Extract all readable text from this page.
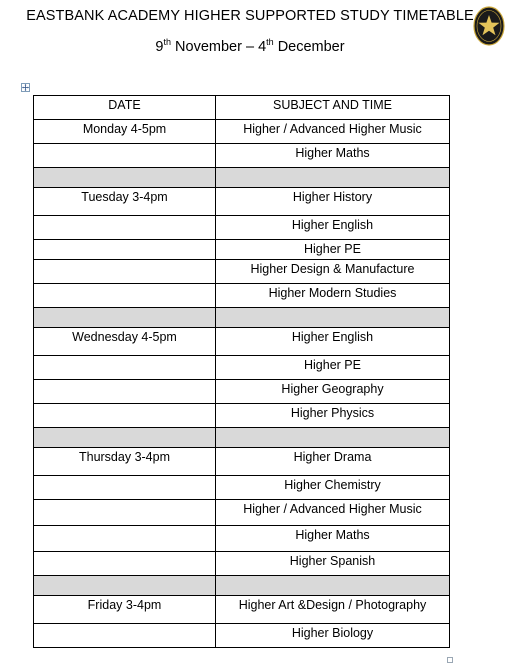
EASTBANK ACADEMY HIGHER SUPPORTED STUDY TIMETABLE
9th November – 4th December
DATE	SUBJECT AND TIME
Monday 4-5pm	Higher / Advanced Higher Music
	Higher Maths

Tuesday 3-4pm	Higher History
	Higher English
	Higher PE
	Higher Design & Manufacture
	Higher Modern Studies

Wednesday 4-5pm	Higher English
	Higher PE
	Higher Geography
	Higher Physics

Thursday 3-4pm	Higher Drama
	Higher Chemistry
	Higher / Advanced Higher Music
	Higher Maths
	Higher Spanish

Friday 3-4pm	Higher Art &Design / Photography
	Higher Biology
